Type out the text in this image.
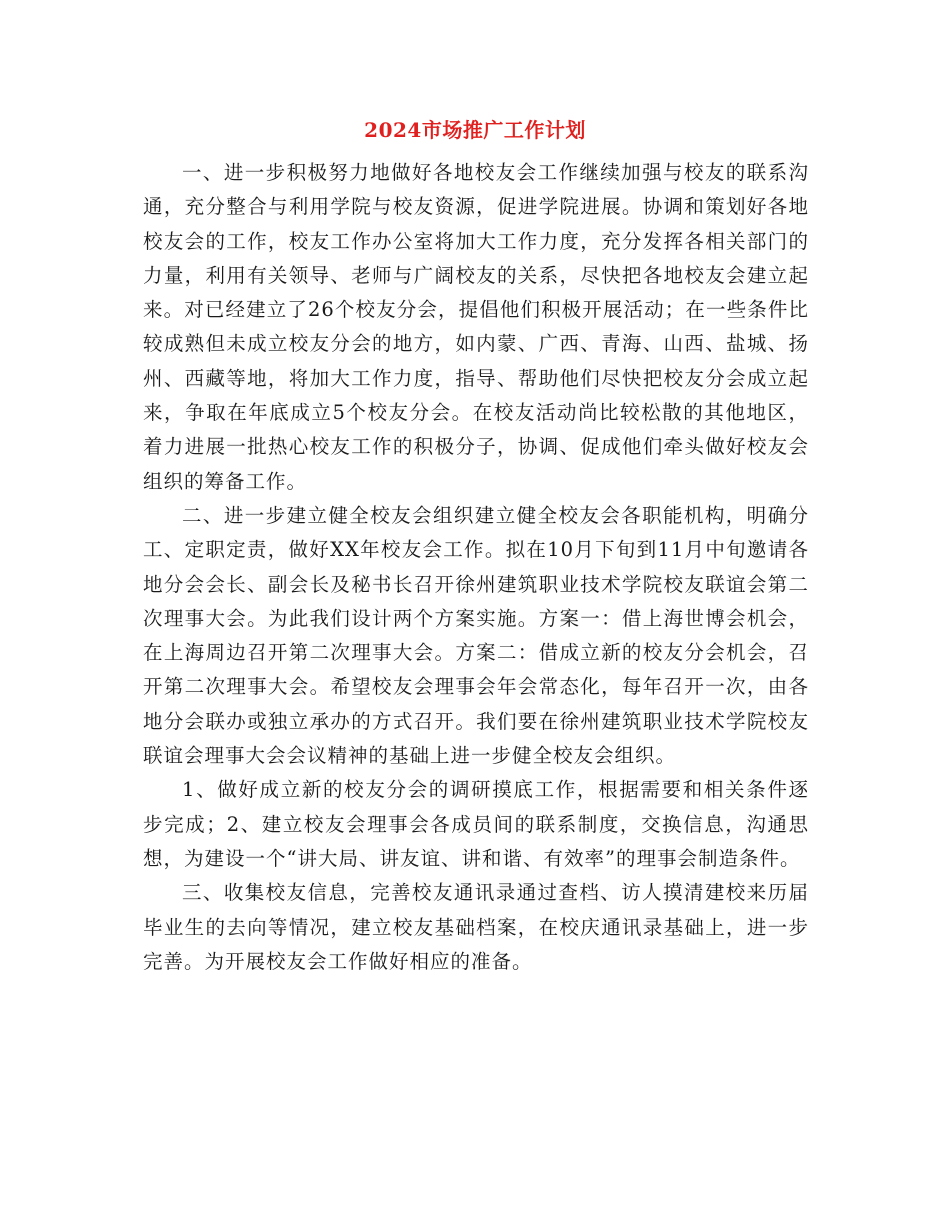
2024市场推广工作计划

一、进一步积极努力地做好各地校友会工作继续加强与校友的联系沟通，充分整合与利用学院与校友资源，促进学院进展。协调和策划好各地校友会的工作，校友工作办公室将加大工作力度，充分发挥各相关部门的力量，利用有关领导、老师与广阔校友的关系，尽快把各地校友会建立起来。对已经建立了26个校友分会，提倡他们积极开展活动；在一些条件比较成熟但未成立校友分会的地方，如内蒙、广西、青海、山西、盐城、扬州、西藏等地，将加大工作力度，指导、帮助他们尽快把校友分会成立起来，争取在年底成立5个校友分会。在校友活动尚比较松散的其他地区，着力进展一批热心校友工作的积极分子，协调、促成他们牵头做好校友会组织的筹备工作。

二、进一步建立健全校友会组织建立健全校友会各职能机构，明确分工、定职定责，做好XX年校友会工作。拟在10月下旬到11月中旬邀请各地分会会长、副会长及秘书长召开徐州建筑职业技术学院校友联谊会第二次理事大会。为此我们设计两个方案实施。方案一：借上海世博会机会，在上海周边召开第二次理事大会。方案二：借成立新的校友分会机会，召开第二次理事大会。希望校友会理事会年会常态化，每年召开一次，由各地分会联办或独立承办的方式召开。我们要在徐州建筑职业技术学院校友联谊会理事大会会议精神的基础上进一步健全校友会组织。

1、做好成立新的校友分会的调研摸底工作，根据需要和相关条件逐步完成；2、建立校友会理事会各成员间的联系制度，交换信息，沟通思想，为建设一个“讲大局、讲友谊、讲和谐、有效率”的理事会制造条件。

三、收集校友信息，完善校友通讯录通过查档、访人摸清建校来历届毕业生的去向等情况，建立校友基础档案，在校庆通讯录基础上，进一步完善。为开展校友会工作做好相应的准备。
